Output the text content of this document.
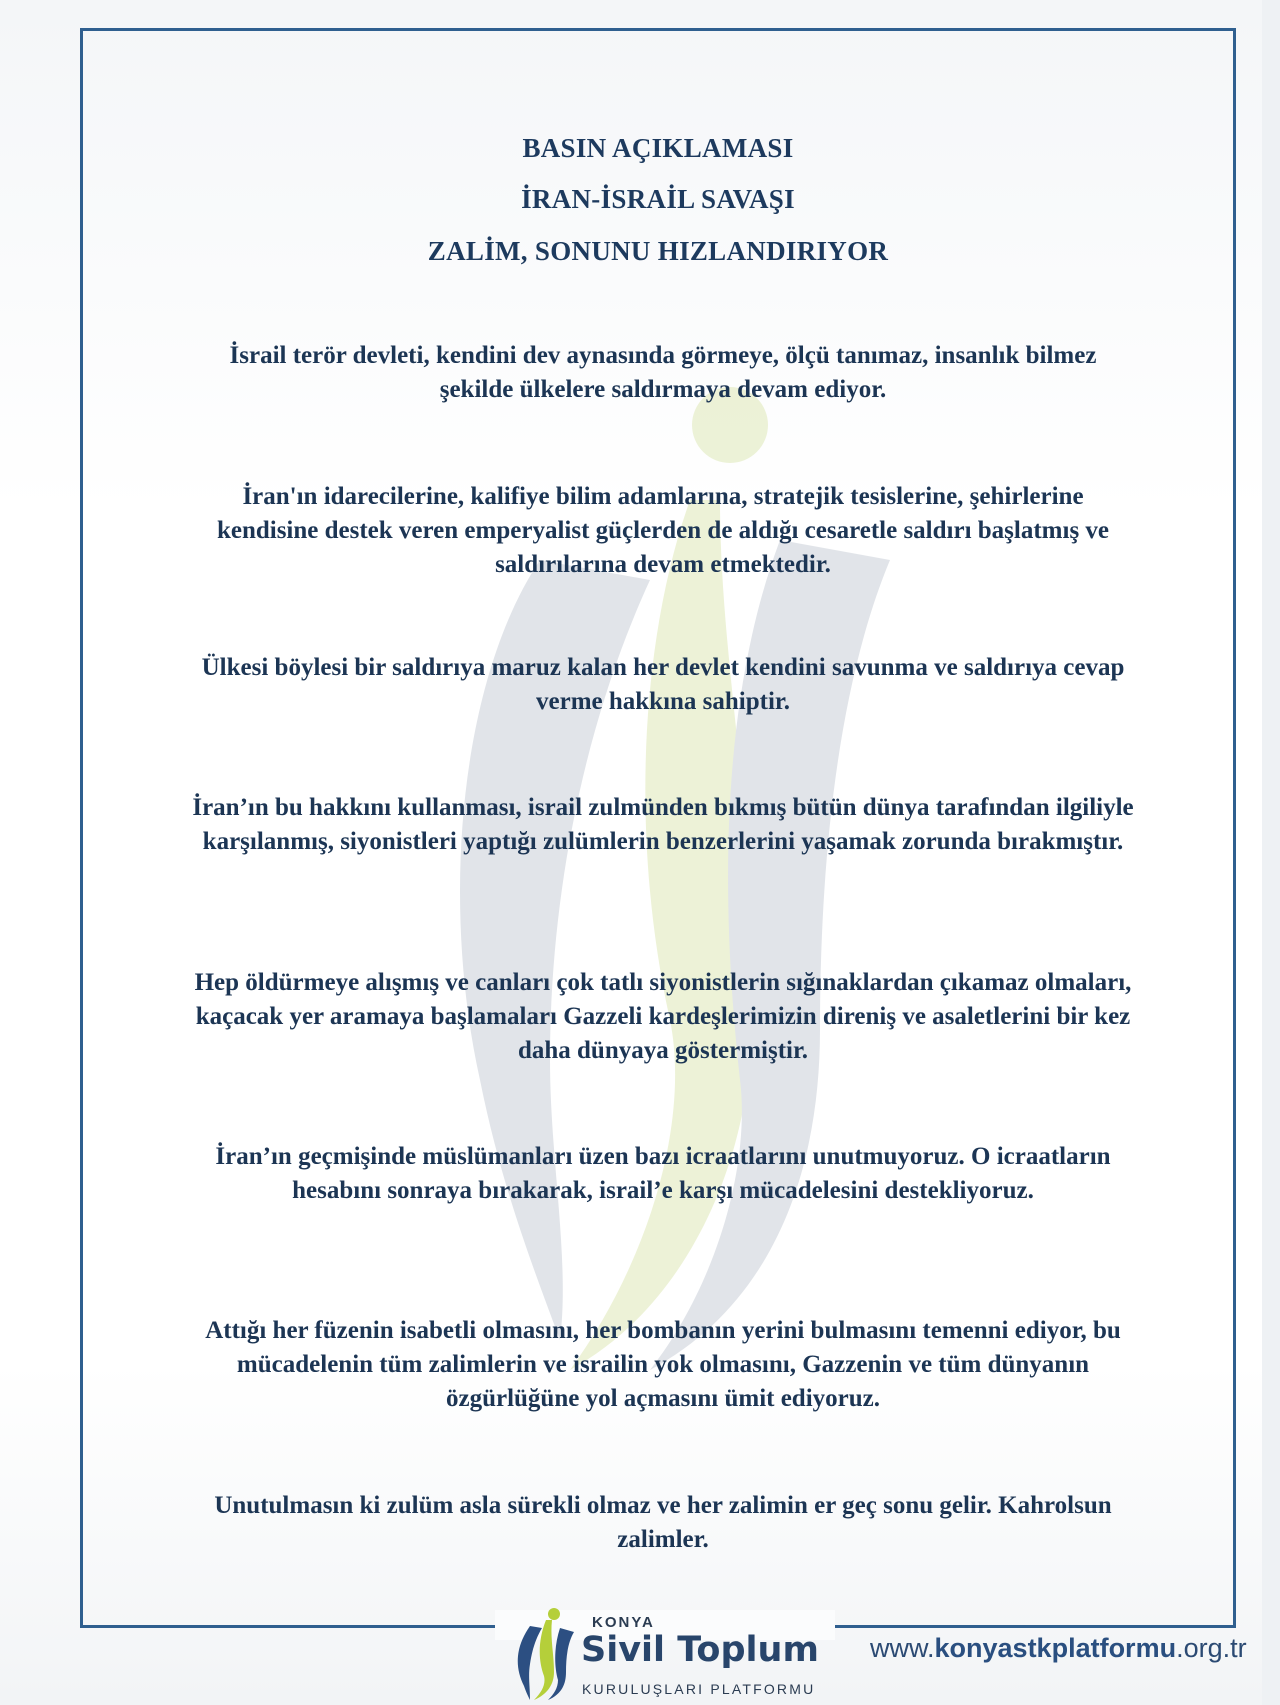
BASIN AÇIKLAMASI
İRAN-İSRAİL SAVAŞI
ZALİM, SONUNU HIZLANDIRIYOR
İsrail terör devleti, kendini dev aynasında görmeye, ölçü tanımaz, insanlık bilmez şekilde ülkelere saldırmaya devam ediyor.
İran'ın idarecilerine, kalifiye bilim adamlarına, stratejik tesislerine, şehirlerine kendisine destek veren emperyalist güçlerden de aldığı cesaretle saldırı başlatmış ve saldırılarına devam etmektedir.
Ülkesi böylesi bir saldırıya maruz kalan her devlet kendini savunma ve saldırıya cevap verme hakkına sahiptir.
İran’ın bu hakkını kullanması, israil zulmünden bıkmış bütün dünya tarafından ilgiliyle karşılanmış, siyonistleri yaptığı zulümlerin benzerlerini yaşamak zorunda bırakmıştır.
Hep öldürmeye alışmış ve canları çok tatlı siyonistlerin sığınaklardan çıkamaz olmaları, kaçacak yer aramaya başlamaları Gazzeli kardeşlerimizin direniş ve asaletlerini bir kez daha dünyaya göstermiştir.
İran’ın geçmişinde müslümanları üzen bazı icraatlarını unutmuyoruz. O icraatların hesabını sonraya bırakarak, israil’e karşı mücadelesini destekliyoruz.
Attığı her füzenin isabetli olmasını, her bombanın yerini bulmasını temenni ediyor, bu mücadelenin tüm zalimlerin ve israilin yok olmasını, Gazzenin ve tüm dünyanın özgürlüğüne yol açmasını ümit ediyoruz.
Unutulmasın ki zulüm asla sürekli olmaz ve her zalimin er geç sonu gelir. Kahrolsun zalimler.
KONYA
Sivil Toplum
KURULUŞLARI PLATFORMU
www.konyastkplatformu.org.tr
